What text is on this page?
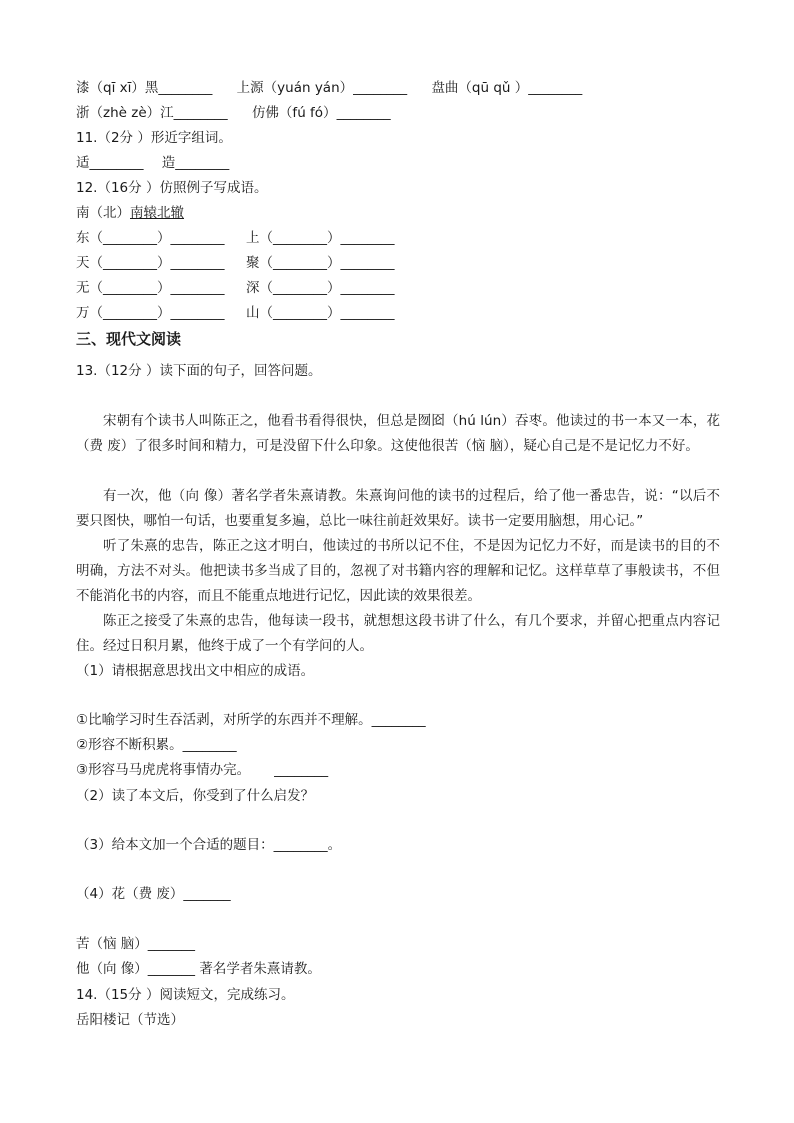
漆（qī xī）黑________ 上源（yuán yán）________ 盘曲（qū qǔ ）________
浙（zhè zè）江________ 仿佛（fú fó）________
11.（2分 ）形近字组词。
适________ 造________
12.（16分 ）仿照例子写成语。
南（北）南辕北辙
东（________）________ 上（________）________
天（________）________ 聚（________）________
无（________）________ 深（________）________
万（________）________ 山（________）________
三、现代文阅读
13.（12分 ）读下面的句子，回答问题。
宋朝有个读书人叫陈正之，他看书看得很快，但总是囫囵（hú lún）吞枣。他读过的书一本又一本，花（费 废）了很多时间和精力，可是没留下什么印象。这使他很苦（恼 脑），疑心自己是不是记忆力不好。
有一次，他（向 像）著名学者朱熹请教。朱熹询问他的读书的过程后，给了他一番忠告，说：“以后不要只图快，哪怕一句话，也要重复多遍，总比一味往前赶效果好。读书一定要用脑想，用心记。”
听了朱熹的忠告，陈正之这才明白，他读过的书所以记不住，不是因为记忆力不好，而是读书的目的不明确，方法不对头。他把读书多当成了目的，忽视了对书籍内容的理解和记忆。这样草草了事般读书，不但不能消化书的内容，而且不能重点地进行记忆，因此读的效果很差。
陈正之接受了朱熹的忠告，他每读一段书，就想想这段书讲了什么，有几个要求，并留心把重点内容记住。经过日积月累，他终于成了一个有学问的人。
（1）请根据意思找出文中相应的成语。
①比喻学习时生吞活剥，对所学的东西并不理解。________
②形容不断积累。________
③形容马马虎虎将事情办完。 ________
（2）读了本文后，你受到了什么启发？
（3）给本文加一个合适的题目：________。
（4）花（费 废）_______
苦（恼 脑）_______
他（向 像）_______ 著名学者朱熹请教。
14.（15分 ）阅读短文，完成练习。
岳阳楼记（节选）
